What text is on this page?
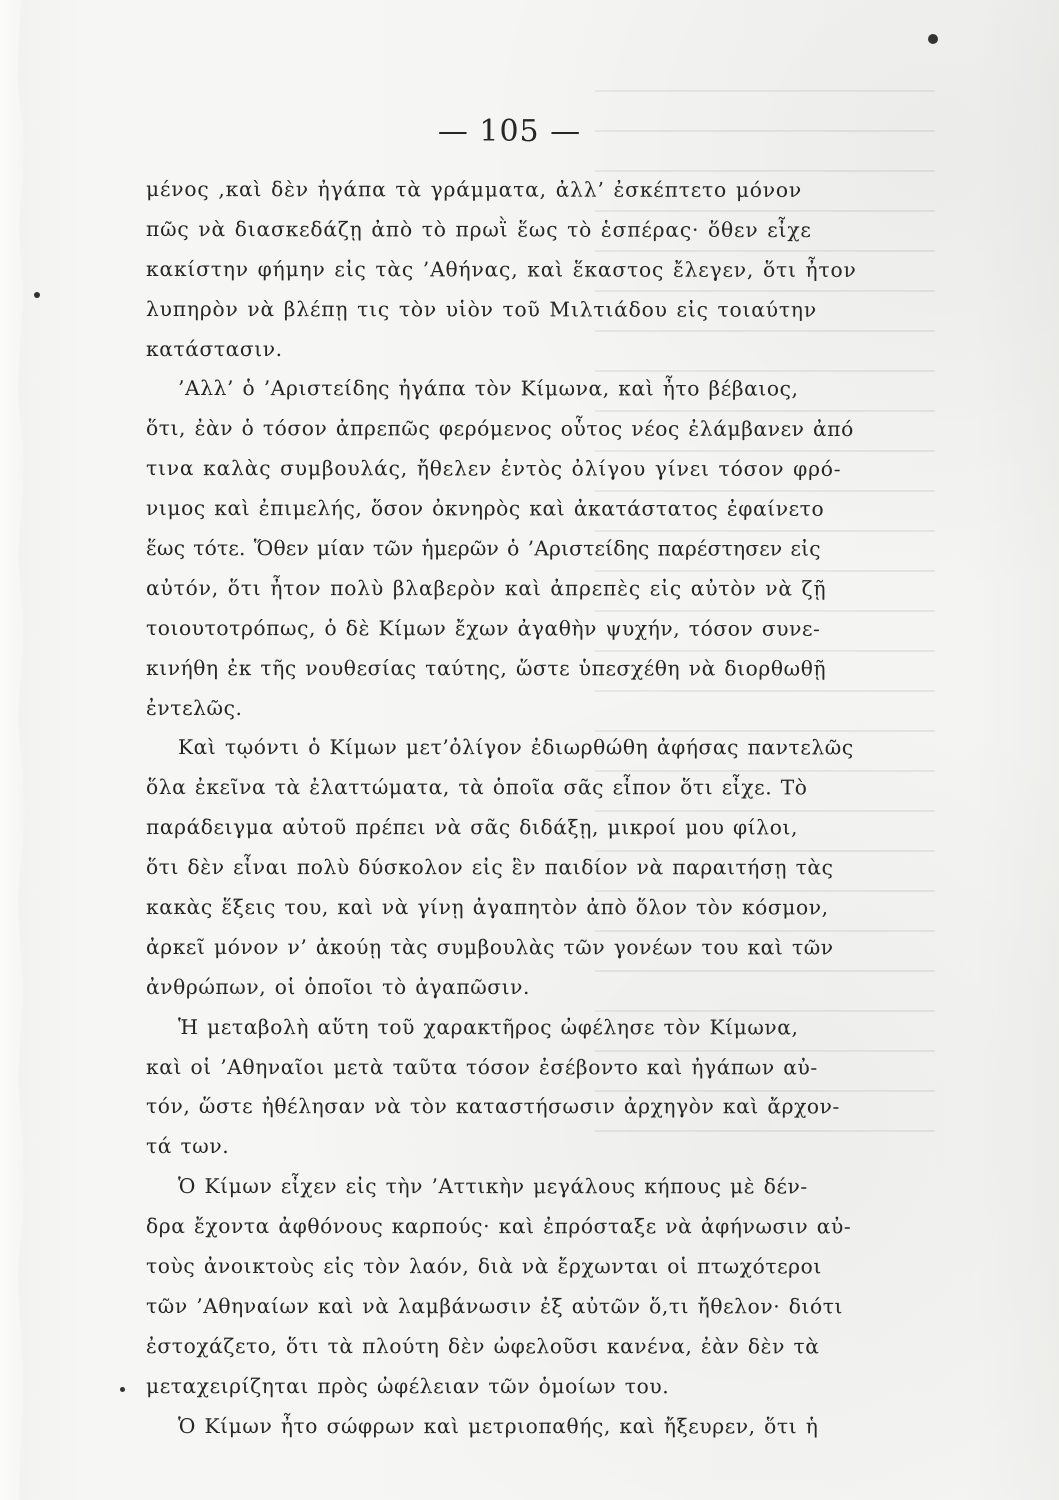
— 105 —
μένος ,καὶ δὲν ἠγάπα τὰ γράμματα, ἀλλ’ ἐσκέπτετο μόνον
πῶς νὰ διασκεδάζῃ ἀπὸ τὸ πρωῒ ἕως τὸ ἑσπέρας· ὅθεν εἶχε
κακίστην φήμην εἰς τὰς ’Αθήνας, καὶ ἕκαστος ἔλεγεν, ὅτι ἦτον
λυπηρὸν νὰ βλέπῃ τις τὸν υἱὸν τοῦ Μιλτιάδου εἰς τοιαύτην
κατάστασιν.
’Αλλ’ ὁ ’Αριστείδης ἠγάπα τὸν Κίμωνα, καὶ ἦτο βέβαιος,
ὅτι, ἐὰν ὁ τόσον ἀπρεπῶς φερόμενος οὗτος νέος ἐλάμβανεν ἀπό
τινα καλὰς συμβουλάς, ἤθελεν ἐντὸς ὀλίγου γίνει τόσον φρό-
νιμος καὶ ἐπιμελής, ὅσον ὀκνηρὸς καὶ ἀκατάστατος ἐφαίνετο
ἕως τότε. Ὅθεν μίαν τῶν ἡμερῶν ὁ ’Αριστείδης παρέστησεν εἰς
αὐτόν, ὅτι ἦτον πολὺ βλαβερὸν καὶ ἀπρεπὲς εἰς αὐτὸν νὰ ζῇ
τοιουτοτρόπως, ὁ δὲ Κίμων ἔχων ἀγαθὴν ψυχήν, τόσον συνε-
κινήθη ἐκ τῆς νουθεσίας ταύτης, ὥστε ὑπεσχέθη νὰ διορθωθῇ
ἐντελῶς.
Καὶ τῳόντι ὁ Κίμων μετ’ὀλίγον ἐδιωρθώθη ἀφήσας παντελῶς
ὅλα ἐκεῖνα τὰ ἐλαττώματα, τὰ ὁποῖα σᾶς εἶπον ὅτι εἶχε. Τὸ
παράδειγμα αὐτοῦ πρέπει νὰ σᾶς διδάξῃ, μικροί μου φίλοι,
ὅτι δὲν εἶναι πολὺ δύσκολον εἰς ἓν παιδίον νὰ παραιτήσῃ τὰς
κακὰς ἕξεις του, καὶ νὰ γίνῃ ἀγαπητὸν ἀπὸ ὅλον τὸν κόσμον,
ἀρκεῖ μόνον ν’ ἀκούῃ τὰς συμβουλὰς τῶν γονέων του καὶ τῶν
ἀνθρώπων, οἱ ὁποῖοι τὸ ἀγαπῶσιν.
Ἡ μεταβολὴ αὕτη τοῦ χαρακτῆρος ὠφέλησε τὸν Κίμωνα,
καὶ οἱ ’Αθηναῖοι μετὰ ταῦτα τόσον ἐσέβοντο καὶ ἠγάπων αὐ-
τόν, ὥστε ἠθέλησαν νὰ τὸν καταστήσωσιν ἀρχηγὸν καὶ ἄρχον-
τά των.
Ὁ Κίμων εἶχεν εἰς τὴν ’Αττικὴν μεγάλους κήπους μὲ δέν-
δρα ἔχοντα ἀφθόνους καρπούς· καὶ ἐπρόσταξε νὰ ἀφήνωσιν αὐ-
τοὺς ἀνοικτοὺς εἰς τὸν λαόν, διὰ νὰ ἔρχωνται οἱ πτωχότεροι
τῶν ’Αθηναίων καὶ νὰ λαμβάνωσιν ἐξ αὐτῶν ὅ,τι ἤθελον· διότι
ἐστοχάζετο, ὅτι τὰ πλούτη δὲν ὠφελοῦσι κανένα, ἐὰν δὲν τὰ
μεταχειρίζηται πρὸς ὠφέλειαν τῶν ὁμοίων του.
Ὁ Κίμων ἦτο σώφρων καὶ μετριοπαθής, καὶ ἤξευρεν, ὅτι ἡ
